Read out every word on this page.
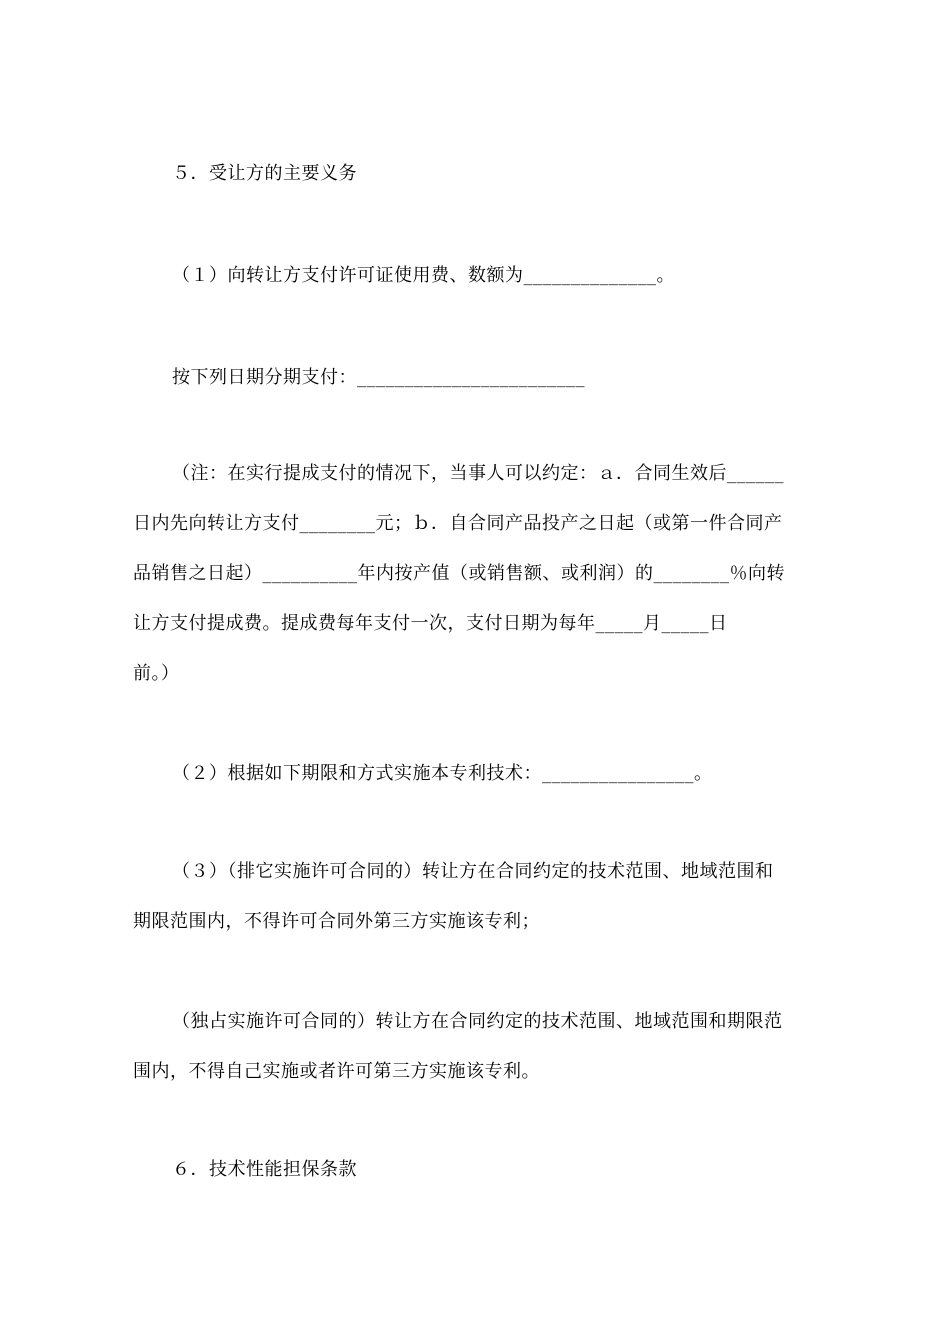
５．受让方的主要义务
（１）向转让方支付许可证使用费、数额为______________。
按下列日期分期支付：________________________
（注：在实行提成支付的情况下，当事人可以约定：ａ．合同生效后______
日内先向转让方支付________元；ｂ．自合同产品投产之日起（或第一件合同产
品销售之日起）__________年内按产值（或销售额、或利润）的________％向转
让方支付提成费。提成费每年支付一次，支付日期为每年_____月_____日
前。）
（２）根据如下期限和方式实施本专利技术：________________。
（３）（排它实施许可合同的）转让方在合同约定的技术范围、地域范围和
期限范围内，不得许可合同外第三方实施该专利；
（独占实施许可合同的）转让方在合同约定的技术范围、地域范围和期限范
围内，不得自己实施或者许可第三方实施该专利。
６．技术性能担保条款
